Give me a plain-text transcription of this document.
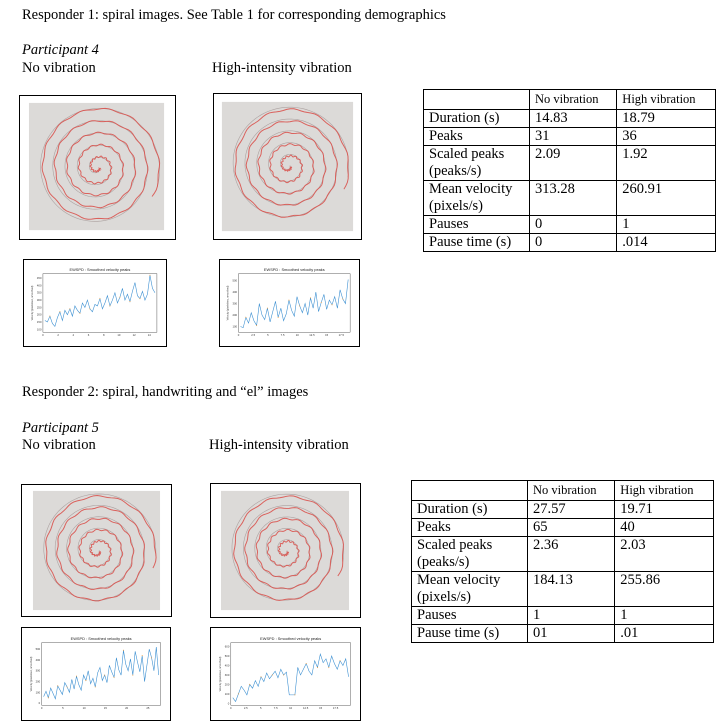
Responder 1: spiral images. See Table 1 for corresponding demographics
Participant 4
No vibration	High-intensity vibration
EWSPD : Smoothed velocity peaks
Velocity (pixels/sec, smoothed)
100
150
200
250
300
350
400
450
0	2	4	6	8	10	12	14
EWSPD : Smoothed velocity peaks
Velocity (pixels/sec, smoothed)
100
200
300
400
500
0	2.5	5	7.5	10	12.5	15	17.5
	No vibration	High vibration
Duration (s)	14.83	18.79
Peaks	31	36
Scaled peaks (peaks/s)	2.09	1.92
Mean velocity (pixels/s)	313.28	260.91
Pauses	0	1
Pause time (s)	0	.014
Responder 2: spiral, handwriting and “el” images
Participant 5
No vibration	High-intensity vibration
EWSPD : Smoothed velocity peaks
Velocity (pixels/sec, smoothed)
0
100
200
300
400
500
0	5	10	15	20	25
EWSPD : Smoothed velocity peaks
Velocity (pixels/sec, smoothed)
0
100
200
300
400
500
600
0	2.5	5	7.5	10	12.5	15	17.5
	No vibration	High vibration
Duration (s)	27.57	19.71
Peaks	65	40
Scaled peaks (peaks/s)	2.36	2.03
Mean velocity (pixels/s)	184.13	255.86
Pauses	1	1
Pause time (s)	01	.01
